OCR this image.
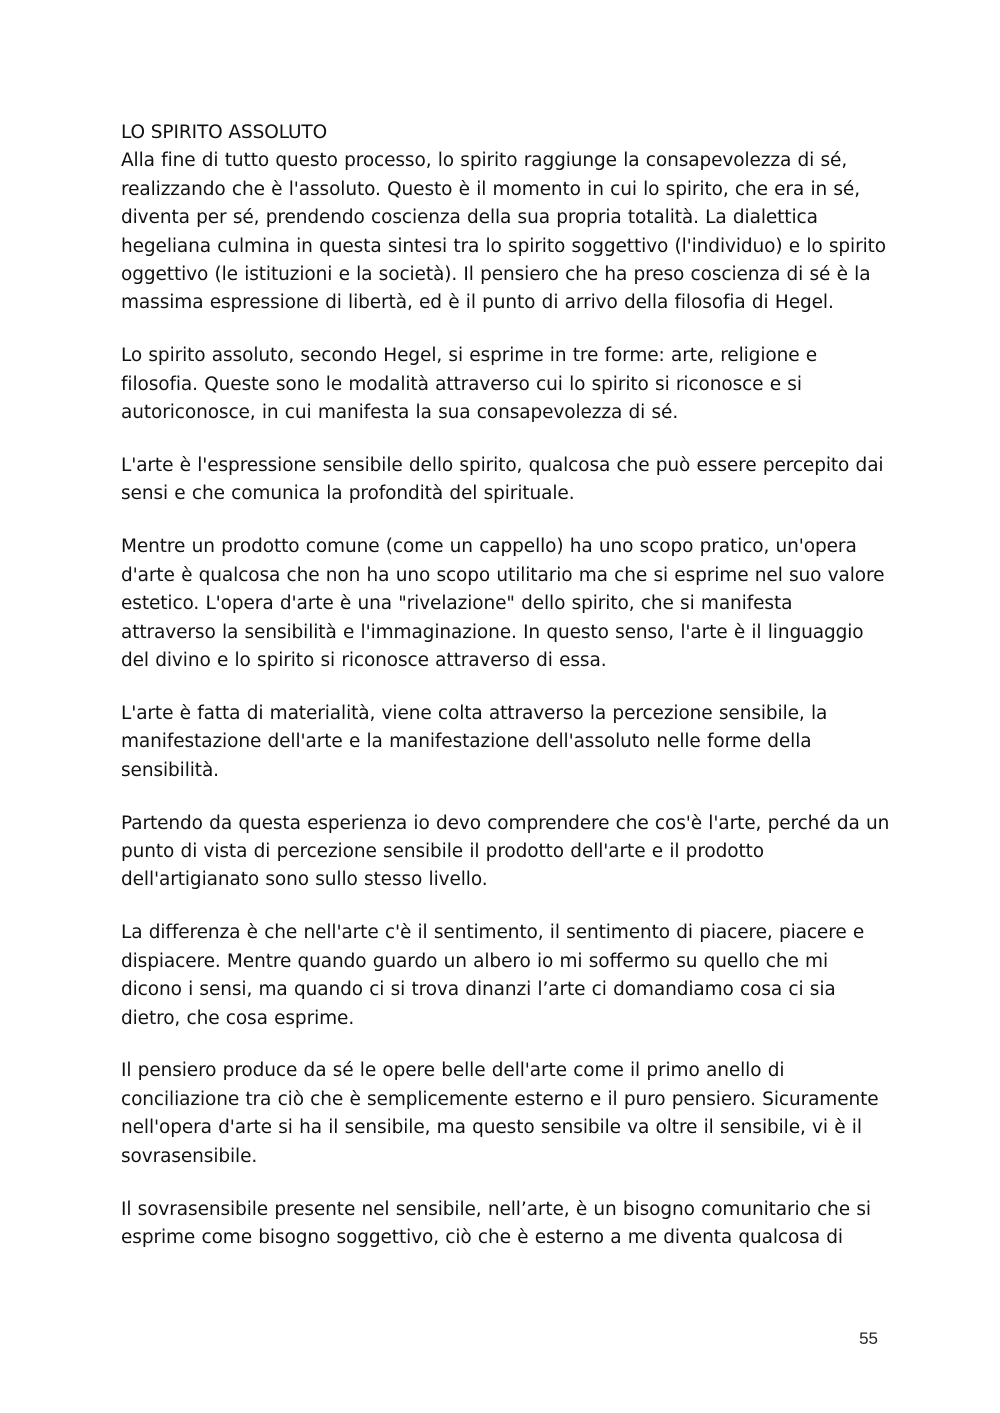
LO SPIRITO ASSOLUTO

Alla fine di tutto questo processo, lo spirito raggiunge la consapevolezza di sé, realizzando che è l'assoluto. Questo è il momento in cui lo spirito, che era in sé, diventa per sé, prendendo coscienza della sua propria totalità. La dialettica hegeliana culmina in questa sintesi tra lo spirito soggettivo (l'individuo) e lo spirito oggettivo (le istituzioni e la società). Il pensiero che ha preso coscienza di sé è la massima espressione di libertà, ed è il punto di arrivo della filosofia di Hegel.

Lo spirito assoluto, secondo Hegel, si esprime in tre forme: arte, religione e filosofia. Queste sono le modalità attraverso cui lo spirito si riconosce e si autoriconosce, in cui manifesta la sua consapevolezza di sé.

L'arte è l'espressione sensibile dello spirito, qualcosa che può essere percepito dai sensi e che comunica la profondità del spirituale.

Mentre un prodotto comune (come un cappello) ha uno scopo pratico, un'opera d'arte è qualcosa che non ha uno scopo utilitario ma che si esprime nel suo valore estetico. L'opera d'arte è una "rivelazione" dello spirito, che si manifesta attraverso la sensibilità e l'immaginazione. In questo senso, l'arte è il linguaggio del divino e lo spirito si riconosce attraverso di essa.

L'arte è fatta di materialità, viene colta attraverso la percezione sensibile, la manifestazione dell'arte e la manifestazione dell'assoluto nelle forme della sensibilità.

Partendo da questa esperienza io devo comprendere che cos'è l'arte, perché da un punto di vista di percezione sensibile il prodotto dell'arte e il prodotto dell'artigianato sono sullo stesso livello.

La differenza è che nell'arte c'è il sentimento, il sentimento di piacere, piacere e dispiacere. Mentre quando guardo un albero io mi soffermo su quello che mi dicono i sensi, ma quando ci si trova dinanzi l’arte ci domandiamo cosa ci sia dietro, che cosa esprime.

Il pensiero produce da sé le opere belle dell'arte come il primo anello di conciliazione tra ciò che è semplicemente esterno e il puro pensiero. Sicuramente nell'opera d'arte si ha il sensibile, ma questo sensibile va oltre il sensibile, vi è il sovrasensibile.

Il sovrasensibile presente nel sensibile, nell’arte, è un bisogno comunitario che si esprime come bisogno soggettivo, ciò che è esterno a me diventa qualcosa di

55
